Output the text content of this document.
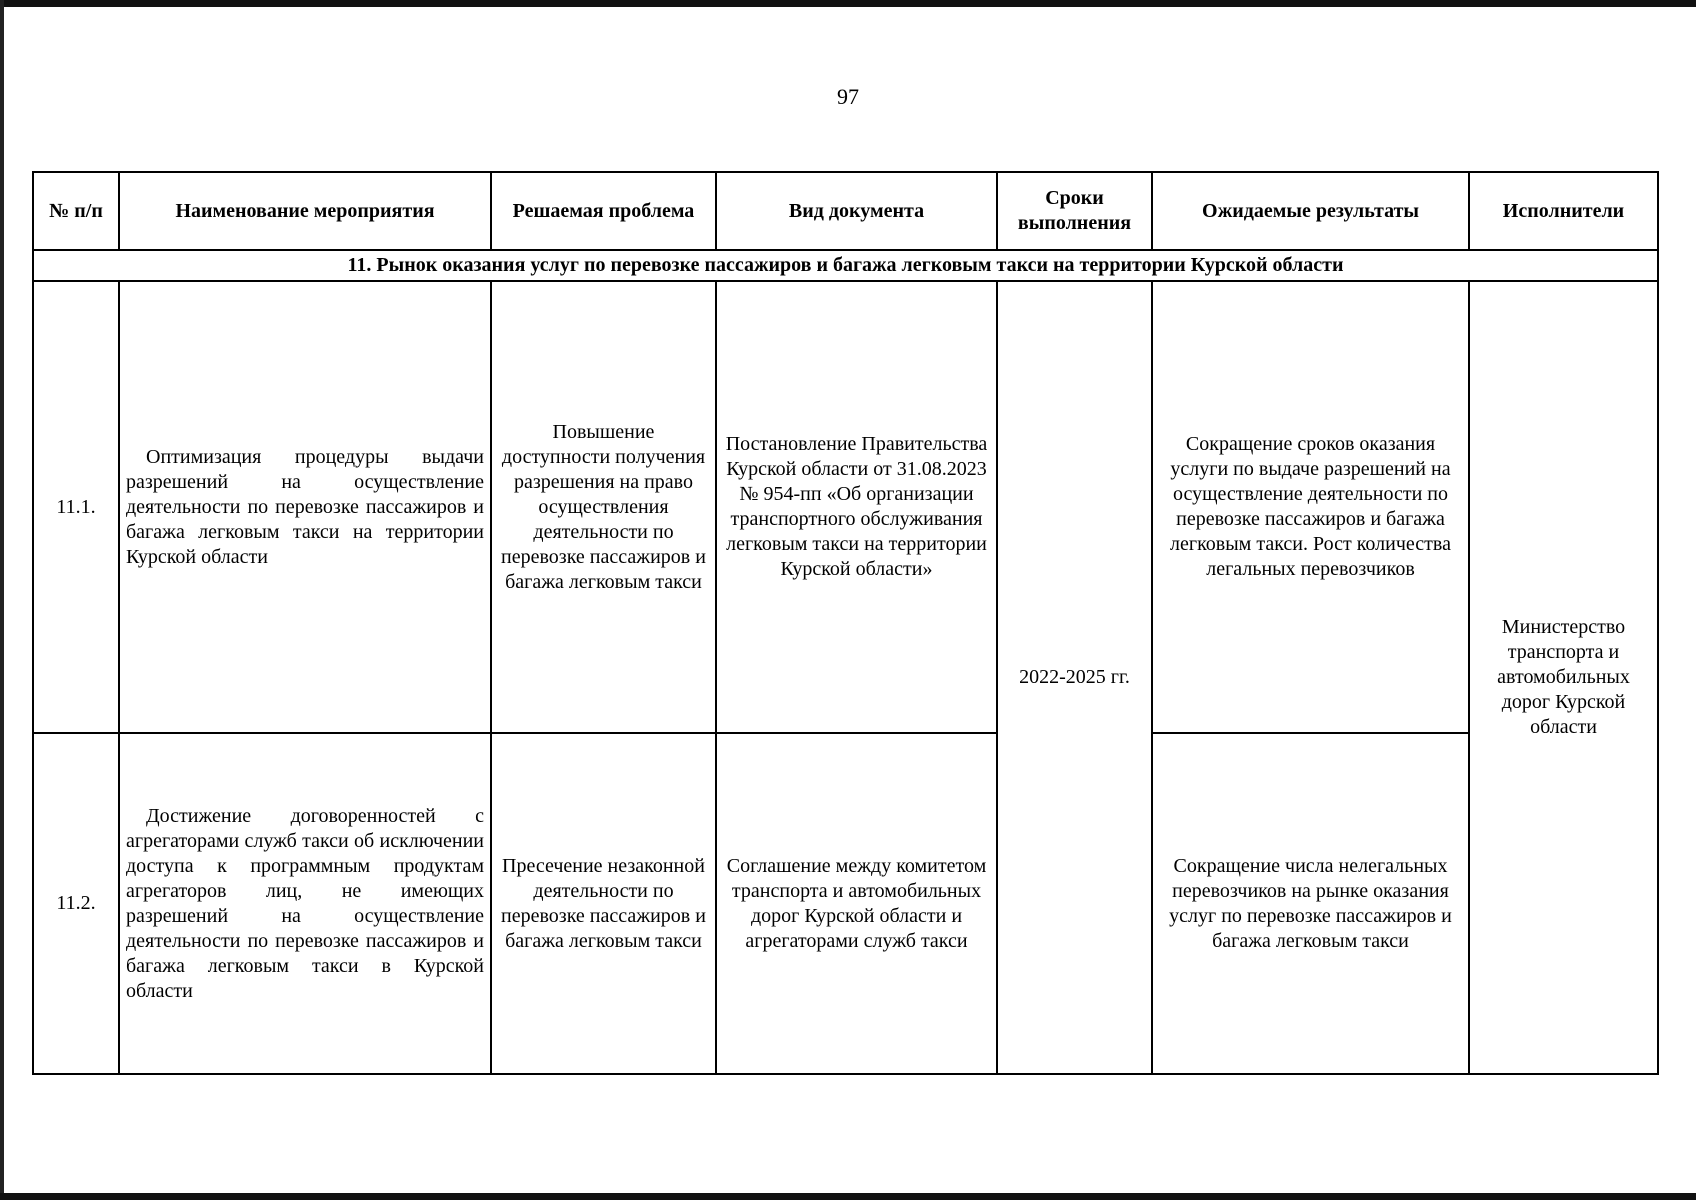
97
№ п/п	Наименование мероприятия	Решаемая проблема	Вид документа	Сроки выполнения	Ожидаемые результаты	Исполнители
11. Рынок оказания услуг по перевозке пассажиров и багажа легковым такси на территории Курской области						
11.1.	Оптимизация процедуры выдачи разрешений на осуществление деятельности по перевозке пассажиров и багажа легковым такси на территории Курской области	Повышение доступности получения разрешения на право осуществления деятельности по перевозке пассажиров и багажа легковым такси	Постановление Правительства Курской области от 31.08.2023 № 954-пп «Об организации транспортного обслуживания легковым такси на территории Курской области»	2022-2025 гг.	Сокращение сроков оказания услуги по выдаче разрешений на осуществление деятельности по перевозке пассажиров и багажа легковым такси. Рост количества легальных перевозчиков	Министерство транспорта и автомобильных дорог Курской области
11.2.	Достижение договоренностей с агрегаторами служб такси об исключении доступа к программным продуктам агрегаторов лиц, не имеющих разрешений на осуществление деятельности по перевозке пассажиров и багажа легковым такси в Курской области	Пресечение незаконной деятельности по перевозке пассажиров и багажа легковым такси	Соглашение между комитетом транспорта и автомобильных дорог Курской области и агрегаторами служб такси		Сокращение числа нелегальных перевозчиков на рынке оказания услуг по перевозке пассажиров и багажа легковым такси	
